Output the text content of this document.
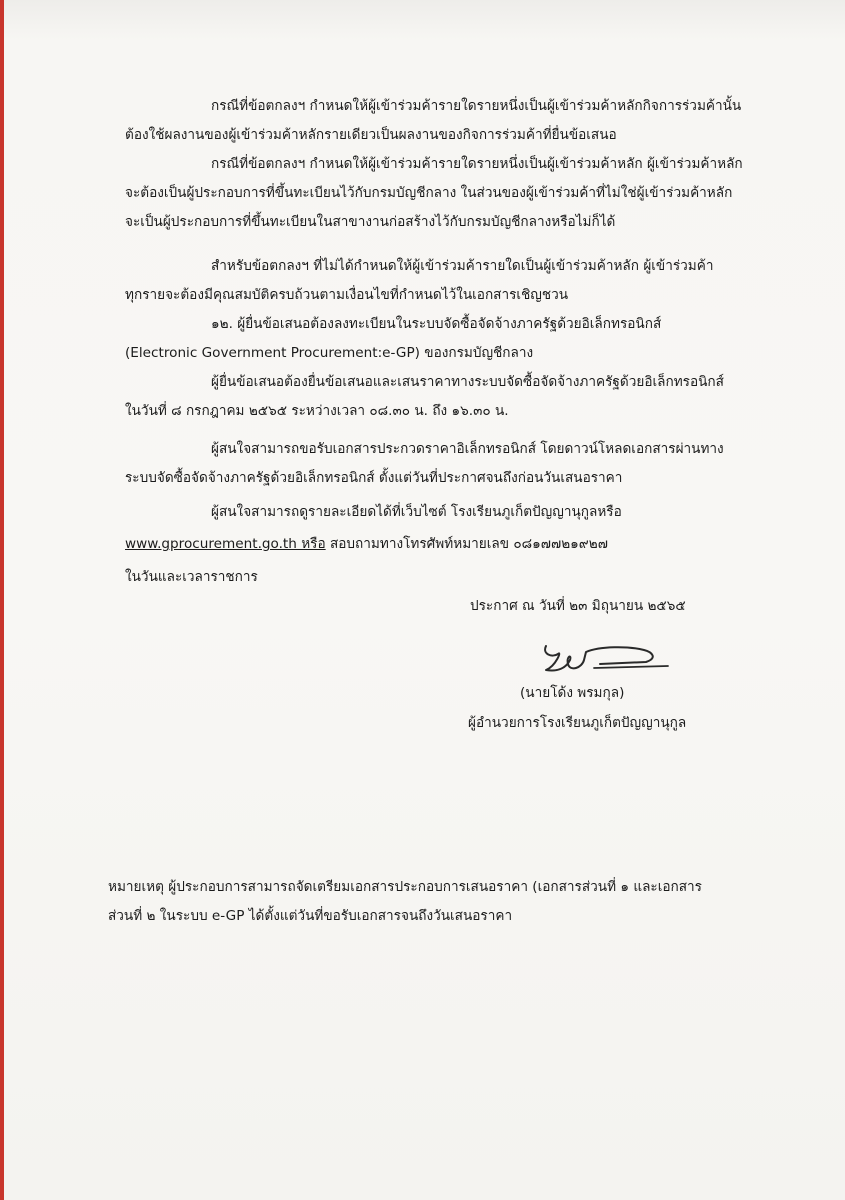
กรณีที่ข้อตกลงฯ กำหนดให้ผู้เข้าร่วมค้ารายใดรายหนึ่งเป็นผู้เข้าร่วมค้าหลักกิจการร่วมค้านั้น
ต้องใช้ผลงานของผู้เข้าร่วมค้าหลักรายเดียวเป็นผลงานของกิจการร่วมค้าที่ยื่นข้อเสนอ
กรณีที่ข้อตกลงฯ กำหนดให้ผู้เข้าร่วมค้ารายใดรายหนึ่งเป็นผู้เข้าร่วมค้าหลัก ผู้เข้าร่วมค้าหลัก
จะต้องเป็นผู้ประกอบการที่ขึ้นทะเบียนไว้กับกรมบัญชีกลาง ในส่วนของผู้เข้าร่วมค้าที่ไม่ใช่ผู้เข้าร่วมค้าหลัก
จะเป็นผู้ประกอบการที่ขึ้นทะเบียนในสาขางานก่อสร้างไว้กับกรมบัญชีกลางหรือไม่ก็ได้
สำหรับข้อตกลงฯ ที่ไม่ได้กำหนดให้ผู้เข้าร่วมค้ารายใดเป็นผู้เข้าร่วมค้าหลัก ผู้เข้าร่วมค้า
ทุกรายจะต้องมีคุณสมบัติครบถ้วนตามเงื่อนไขที่กำหนดไว้ในเอกสารเชิญชวน
๑๒. ผู้ยื่นข้อเสนอต้องลงทะเบียนในระบบจัดซื้อจัดจ้างภาครัฐด้วยอิเล็กทรอนิกส์
(Electronic Government Procurement:e-GP) ของกรมบัญชีกลาง
ผู้ยื่นข้อเสนอต้องยื่นข้อเสนอและเสนราคาทางระบบจัดซื้อจัดจ้างภาครัฐด้วยอิเล็กทรอนิกส์
ในวันที่ ๘ กรกฎาคม ๒๕๖๕ ระหว่างเวลา ๐๘.๓๐ น. ถึง ๑๖.๓๐ น.
ผู้สนใจสามารถขอรับเอกสารประกวดราคาอิเล็กทรอนิกส์ โดยดาวน์โหลดเอกสารผ่านทาง
ระบบจัดซื้อจัดจ้างภาครัฐด้วยอิเล็กทรอนิกส์ ตั้งแต่วันที่ประกาศจนถึงก่อนวันเสนอราคา
ผู้สนใจสามารถดูรายละเอียดได้ที่เว็บไซต์ โรงเรียนภูเก็ตปัญญานุกูลหรือ
www.gprocurement.go.th หรือ สอบถามทางโทรศัพท์หมายเลข ๐๘๑๗๗๒๑๙๒๗
ในวันและเวลาราชการ
ประกาศ ณ วันที่ ๒๓ มิถุนายน ๒๕๖๕
(นายโด้ง พรมกุล)
ผู้อำนวยการโรงเรียนภูเก็ตปัญญานุกูล
หมายเหตุ ผู้ประกอบการสามารถจัดเตรียมเอกสารประกอบการเสนอราคา (เอกสารส่วนที่ ๑ และเอกสาร
ส่วนที่ ๒ ในระบบ e-GP ได้ตั้งแต่วันที่ขอรับเอกสารจนถึงวันเสนอราคา
